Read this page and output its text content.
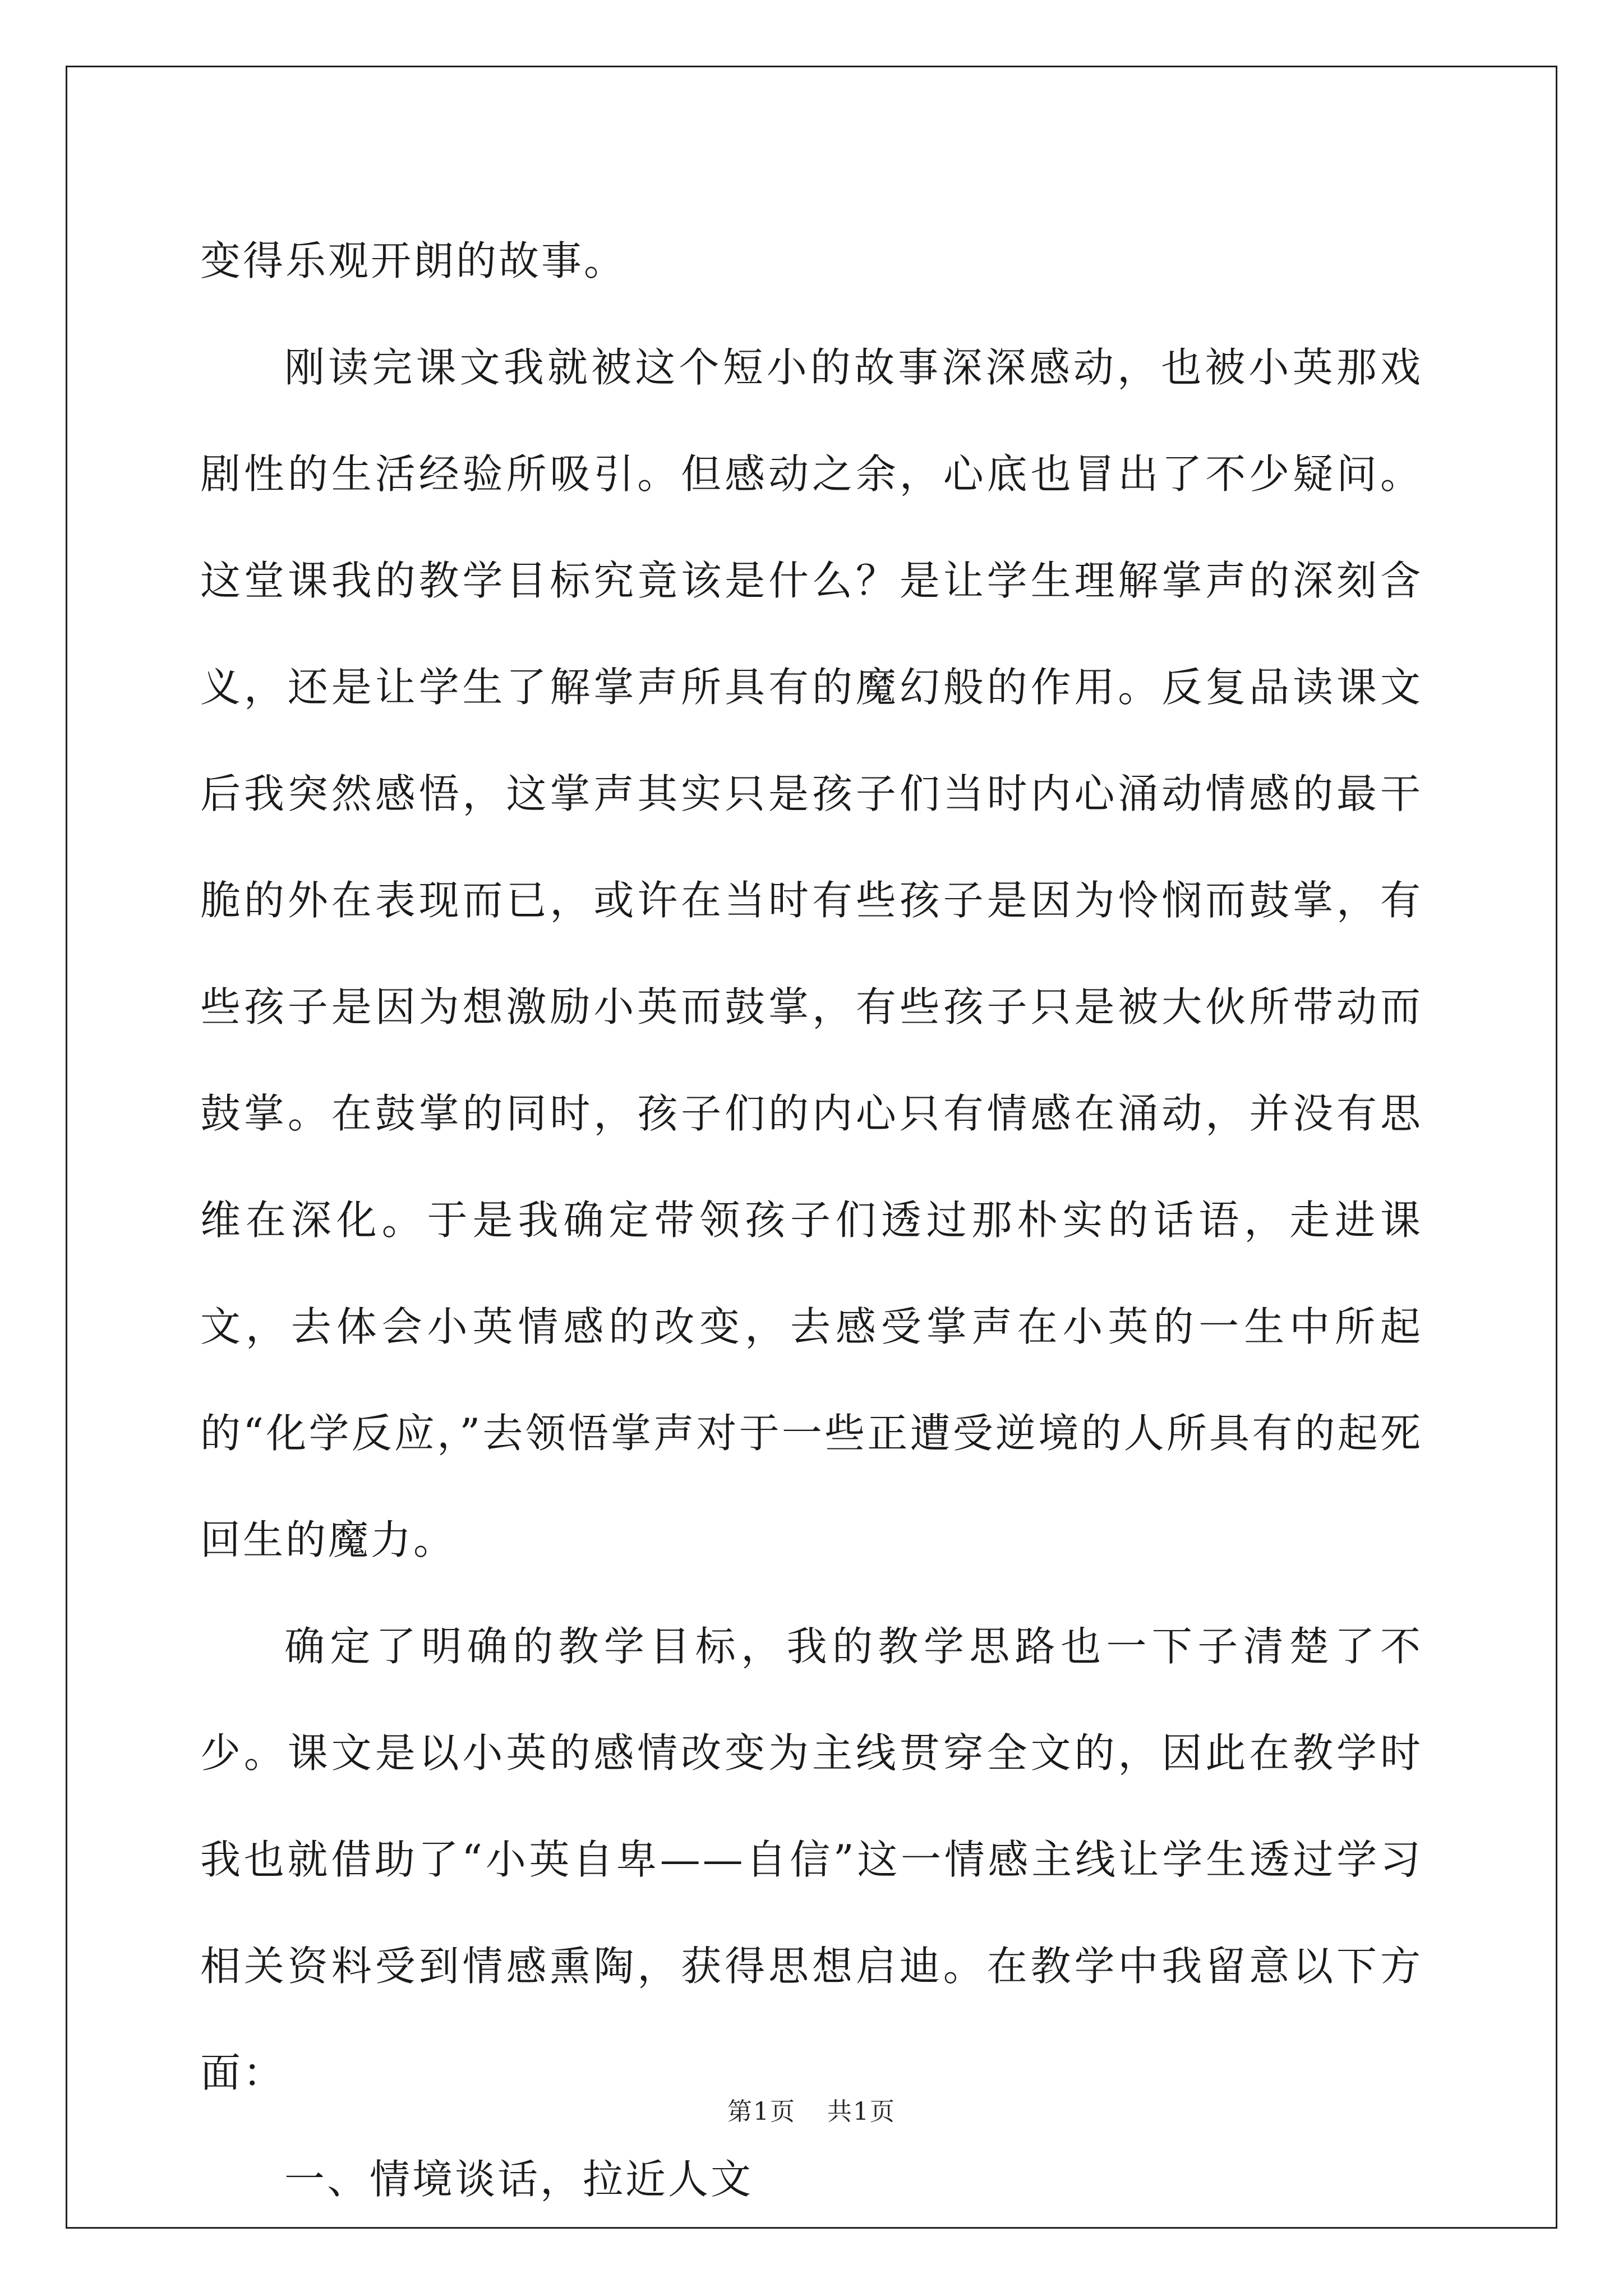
变得乐观开朗的故事。

刚读完课文我就被这个短小的故事深深感动，也被小英那戏剧性的生活经验所吸引。但感动之余，心底也冒出了不少疑问。这堂课我的教学目标究竟该是什么？是让学生理解掌声的深刻含义，还是让学生了解掌声所具有的魔幻般的作用。反复品读课文后我突然感悟，这掌声其实只是孩子们当时内心涌动情感的最干脆的外在表现而已，或许在当时有些孩子是因为怜悯而鼓掌，有些孩子是因为想激励小英而鼓掌，有些孩子只是被大伙所带动而鼓掌。在鼓掌的同时，孩子们的内心只有情感在涌动，并没有思维在深化。于是我确定带领孩子们透过那朴实的话语，走进课文，去体会小英情感的改变，去感受掌声在小英的一生中所起的“化学反应，”去领悟掌声对于一些正遭受逆境的人所具有的起死回生的魔力。

确定了明确的教学目标，我的教学思路也一下子清楚了不少。课文是以小英的感情改变为主线贯穿全文的，因此在教学时我也就借助了“小英自卑——自信”这一情感主线让学生透过学习相关资料受到情感熏陶，获得思想启迪。在教学中我留意以下方面：

一、情境谈话，拉近人文

第1页 共1页
